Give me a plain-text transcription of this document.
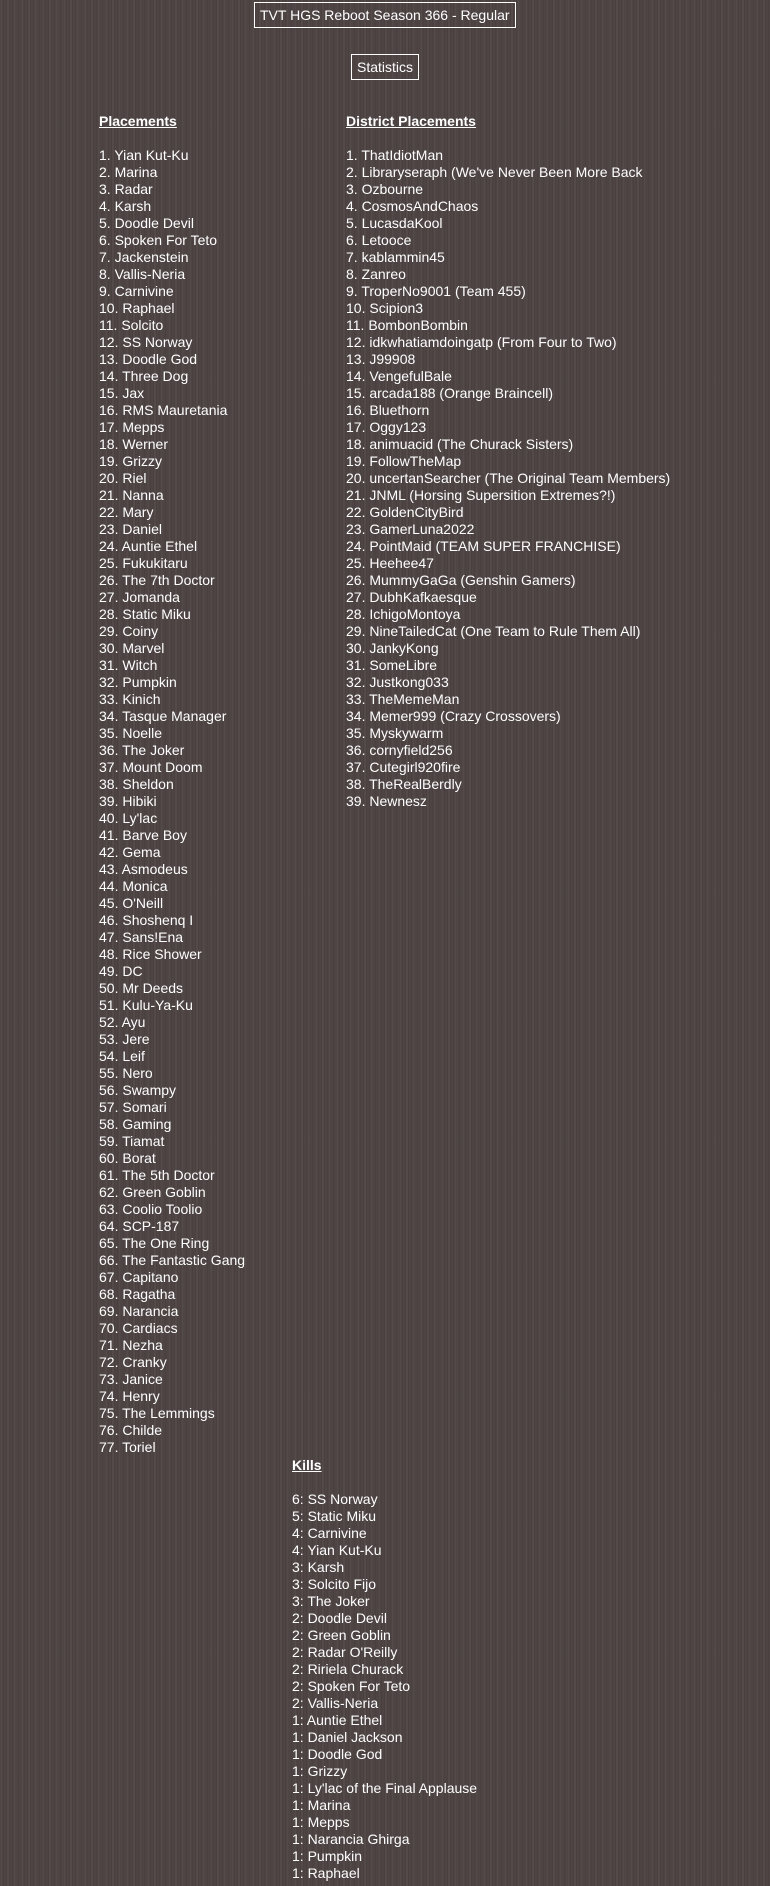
TVT HGS Reboot Season 366 - Regular
Statistics
Placements
1. Yian Kut-Ku
2. Marina
3. Radar
4. Karsh
5. Doodle Devil
6. Spoken For Teto
7. Jackenstein
8. Vallis-Neria
9. Carnivine
10. Raphael
11. Solcito
12. SS Norway
13. Doodle God
14. Three Dog
15. Jax
16. RMS Mauretania
17. Mepps
18. Werner
19. Grizzy
20. Riel
21. Nanna
22. Mary
23. Daniel
24. Auntie Ethel
25. Fukukitaru
26. The 7th Doctor
27. Jomanda
28. Static Miku
29. Coiny
30. Marvel
31. Witch
32. Pumpkin
33. Kinich
34. Tasque Manager
35. Noelle
36. The Joker
37. Mount Doom
38. Sheldon
39. Hibiki
40. Ly'lac
41. Barve Boy
42. Gema
43. Asmodeus
44. Monica
45. O'Neill
46. Shoshenq I
47. Sans!Ena
48. Rice Shower
49. DC
50. Mr Deeds
51. Kulu-Ya-Ku
52. Ayu
53. Jere
54. Leif
55. Nero
56. Swampy
57. Somari
58. Gaming
59. Tiamat
60. Borat
61. The 5th Doctor
62. Green Goblin
63. Coolio Toolio
64. SCP-187
65. The One Ring
66. The Fantastic Gang
67. Capitano
68. Ragatha
69. Narancia
70. Cardiacs
71. Nezha
72. Cranky
73. Janice
74. Henry
75. The Lemmings
76. Childe
77. Toriel
District Placements
1. ThatIdiotMan
2. Libraryseraph (We've Never Been More Back
3. Ozbourne
4. CosmosAndChaos
5. LucasdaKool
6. Letooce
7. kablammin45
8. Zanreo
9. TroperNo9001 (Team 455)
10. Scipion3
11. BombonBombin
12. idkwhatiamdoingatp (From Four to Two)
13. J99908
14. VengefulBale
15. arcada188 (Orange Braincell)
16. Bluethorn
17. Oggy123
18. animuacid (The Churack Sisters)
19. FollowTheMap
20. uncertanSearcher (The Original Team Members)
21. JNML (Horsing Supersition Extremes?!)
22. GoldenCityBird
23. GamerLuna2022
24. PointMaid (TEAM SUPER FRANCHISE)
25. Heehee47
26. MummyGaGa (Genshin Gamers)
27. DubhKafkaesque
28. IchigoMontoya
29. NineTailedCat (One Team to Rule Them All)
30. JankyKong
31. SomeLibre
32. Justkong033
33. TheMemeMan
34. Memer999 (Crazy Crossovers)
35. Myskywarm
36. cornyfield256
37. Cutegirl920fire
38. TheRealBerdly
39. Newnesz
Kills
6: SS Norway
5: Static Miku
4: Carnivine
4: Yian Kut-Ku
3: Karsh
3: Solcito Fijo
3: The Joker
2: Doodle Devil
2: Green Goblin
2: Radar O'Reilly
2: Ririela Churack
2: Spoken For Teto
2: Vallis-Neria
1: Auntie Ethel
1: Daniel Jackson
1: Doodle God
1: Grizzy
1: Ly'lac of the Final Applause
1: Marina
1: Mepps
1: Narancia Ghirga
1: Pumpkin
1: Raphael
